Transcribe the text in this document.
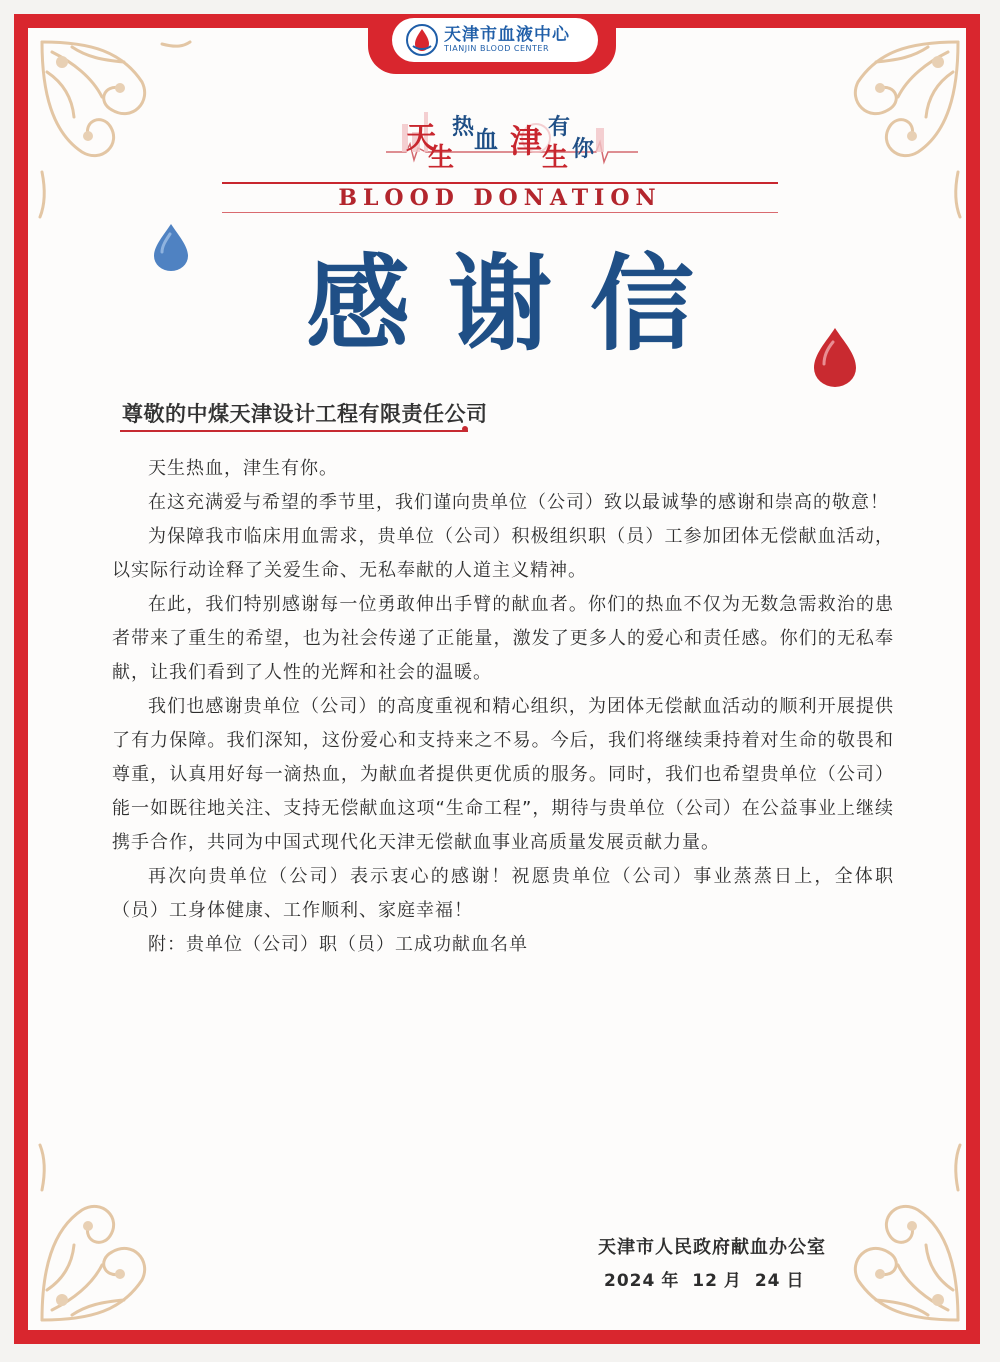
天津市血液中心
TIANJIN BLOOD CENTER
天
生
热 血 津 有
生 你
BLOOD DONATION
感谢信
尊敬的中煤天津设计工程有限责任公司

天生热血，津生有你。

在这充满爱与希望的季节里，我们谨向贵单位（公司）致以最诚挚的感谢和崇高的敬意！

为保障我市临床用血需求，贵单位（公司）积极组织职（员）工参加团体无偿献血活动，以实际行动诠释了关爱生命、无私奉献的人道主义精神。

在此，我们特别感谢每一位勇敢伸出手臂的献血者。你们的热血不仅为无数急需救治的患者带来了重生的希望，也为社会传递了正能量，激发了更多人的爱心和责任感。你们的无私奉献，让我们看到了人性的光辉和社会的温暖。

我们也感谢贵单位（公司）的高度重视和精心组织，为团体无偿献血活动的顺利开展提供了有力保障。我们深知，这份爱心和支持来之不易。今后，我们将继续秉持着对生命的敬畏和尊重，认真用好每一滴热血，为献血者提供更优质的服务。同时，我们也希望贵单位（公司）能一如既往地关注、支持无偿献血这项“生命工程”，期待与贵单位（公司）在公益事业上继续携手合作，共同为中国式现代化天津无偿献血事业高质量发展贡献力量。

再次向贵单位（公司）表示衷心的感谢！祝愿贵单位（公司）事业蒸蒸日上，全体职（员）工身体健康、工作顺利、家庭幸福！

附：贵单位（公司）职（员）工成功献血名单

天津市人民政府献血办公室
2024 年 12 月 24 日
